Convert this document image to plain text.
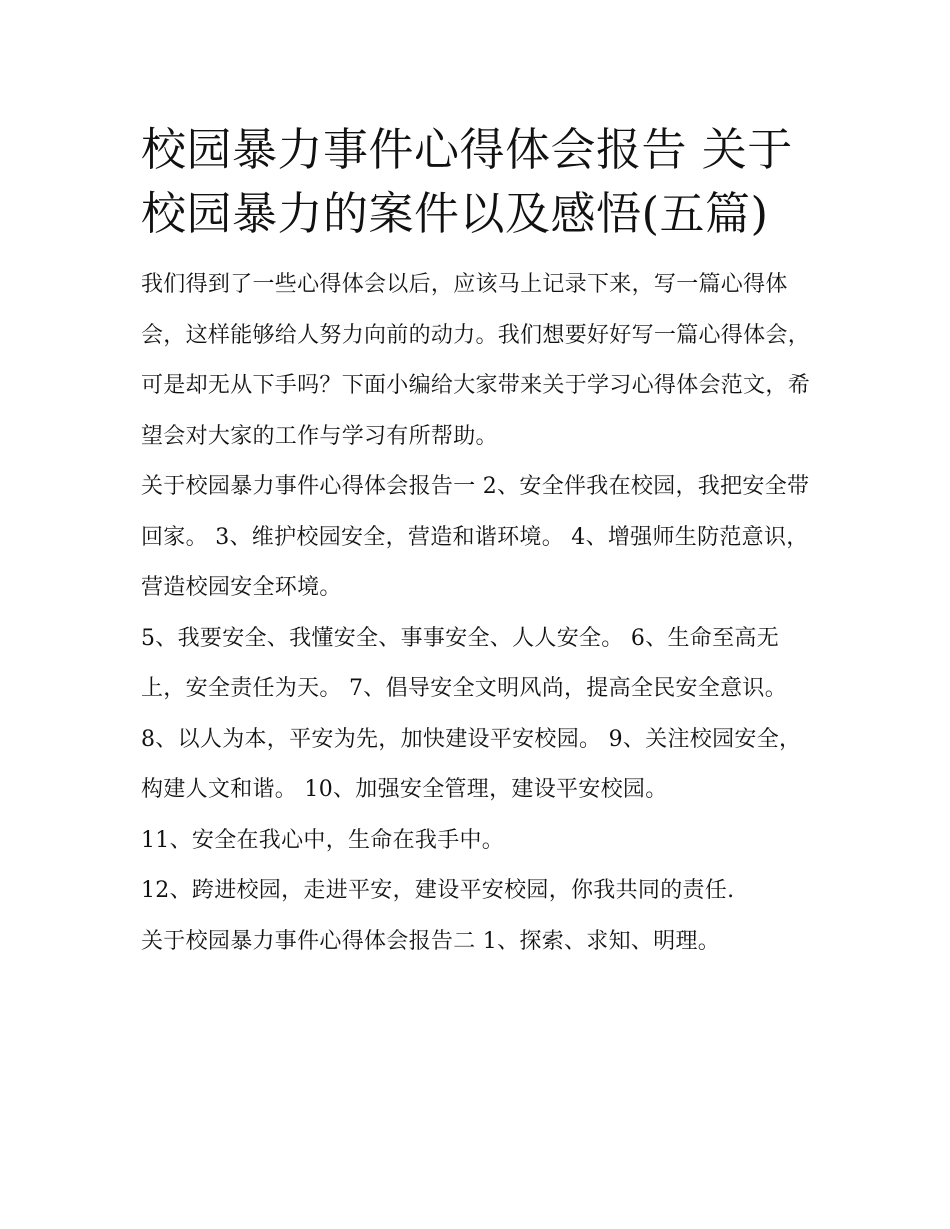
校园暴力事件心得体会报告 关于校园暴力的案件以及感悟(五篇)

我们得到了一些心得体会以后，应该马上记录下来，写一篇心得体会，这样能够给人努力向前的动力。我们想要好好写一篇心得体会，可是却无从下手吗？下面小编给大家带来关于学习心得体会范文，希望会对大家的工作与学习有所帮助。

关于校园暴力事件心得体会报告一 2、安全伴我在校园，我把安全带回家。 3、维护校园安全，营造和谐环境。 4、增强师生防范意识，营造校园安全环境。

5、我要安全、我懂安全、事事安全、人人安全。 6、生命至高无上，安全责任为天。 7、倡导安全文明风尚，提高全民安全意识。

8、以人为本，平安为先，加快建设平安校园。 9、关注校园安全，构建人文和谐。 10、加强安全管理，建设平安校园。

11、安全在我心中，生命在我手中。

12、跨进校园，走进平安，建设平安校园，你我共同的责任.

关于校园暴力事件心得体会报告二 1、探索、求知、明理。
